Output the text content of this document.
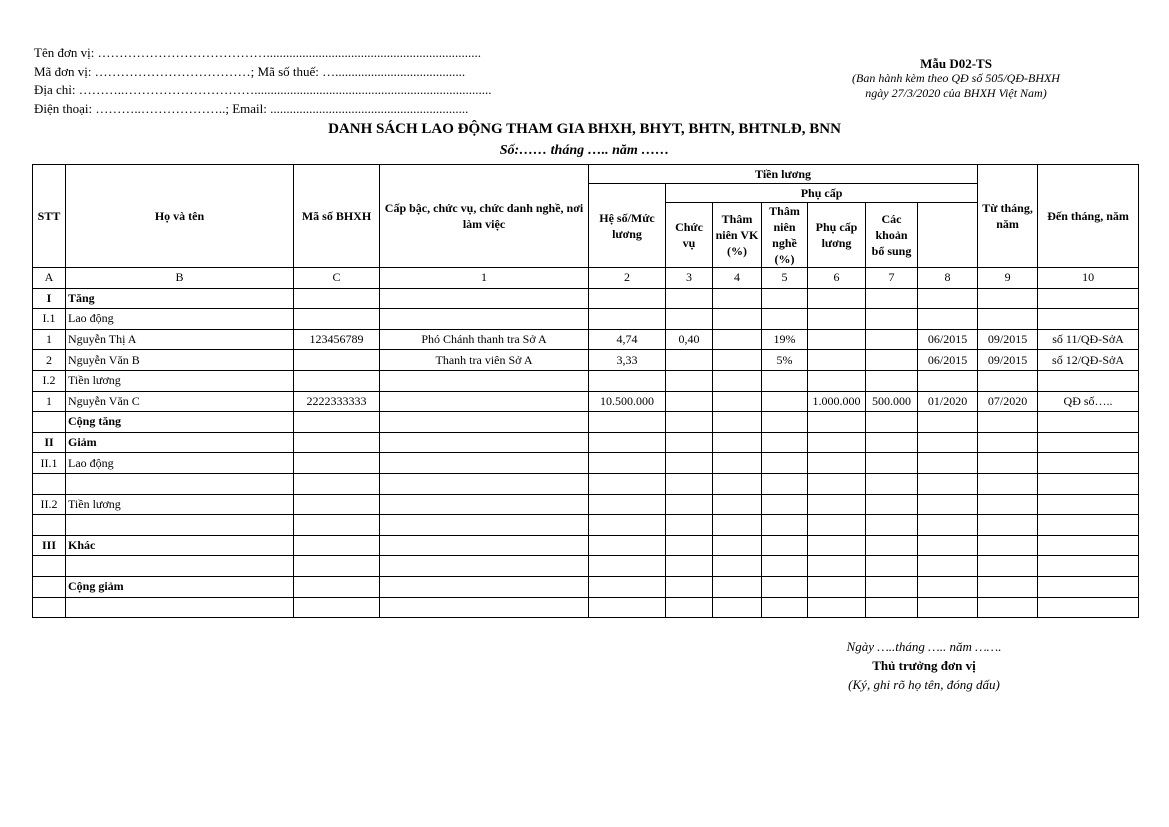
Tên đơn vị: …………………………………..................................................................
Mã đơn vị: ………………………………; Mã số thuế: …........................................
Địa chỉ: ………..………………………….........................................................................
Điện thoại: ………..………………..; Email: .............................................................
Mẫu D02-TS
(Ban hành kèm theo QĐ số 505/QĐ-BHXH
ngày 27/3/2020 của BHXH Việt Nam)
DANH SÁCH LAO ĐỘNG THAM GIA BHXH, BHYT, BHTN, BHTNLĐ, BNN
Số:…… tháng ….. năm ……
STT	Họ và tên	Mã số BHXH	Cấp bậc, chức vụ, chức danh nghề, nơi làm việc	Tiền lương							Từ tháng, năm	Đến tháng, năm	
				Hệ số/Mức lương	Phụ cấp								
					Chức vụ	Thâm niên VK (%)	Thâm niên nghề (%)	Phụ cấp lương	Các khoản bổ sung				
A	B	C	1	2	3	4	5	6	7	8	9	10	
I	Tăng												
I.1	Lao động												
1	Nguyễn Thị A	123456789	Phó Chánh thanh tra Sở A	4,74	0,40		19%			06/2015	09/2015	số 11/QĐ-SởA	
2	Nguyễn Văn B		Thanh tra viên Sở A	3,33			5%			06/2015	09/2015	số 12/QĐ-SởA	
I.2	Tiền lương												
1	Nguyễn Văn C	2222333333		10.500.000				1.000.000	500.000	01/2020	07/2020	QĐ số…..	
	Cộng tăng												
II	Giảm												
II.1	Lao động												

II.2	Tiền lương												

III	Khác												

	Cộng giảm												

Ngày …..tháng ….. năm …….
Thủ trưởng đơn vị
(Ký, ghi rõ họ tên, đóng dấu)
